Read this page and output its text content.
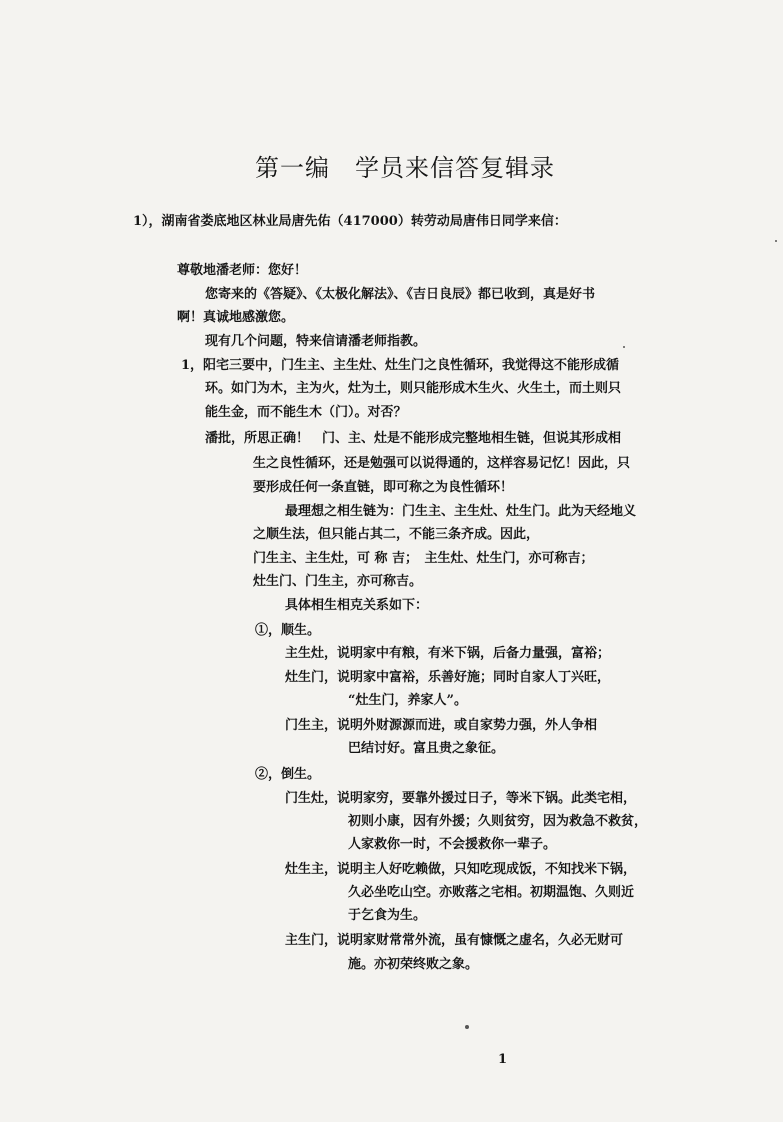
第一编　学员来信答复辑录
1），湖南省娄底地区林业局唐先佑（417000）转劳动局唐伟日同学来信：
尊敬地潘老师：您好！
您寄来的《答疑》、《太极化解法》、《吉日良辰》都已收到，真是好书
啊！真诚地感激您。
现有几个问题，特来信请潘老师指教。
1，阳宅三要中，门生主、主生灶、灶生门之良性循环，我觉得这不能形成循
环。如门为木，主为火，灶为土，则只能形成木生火、火生土，而土则只
能生金，而不能生木（门）。对否？
潘批，所思正确！　门、主、灶是不能形成完整地相生链，但说其形成相
生之良性循环，还是勉强可以说得通的，这样容易记忆！因此，只
要形成任何一条直链，即可称之为良性循环！
最理想之相生链为：门生主、主生灶、灶生门。此为天经地义
之顺生法，但只能占其二，不能三条齐成。因此，
门生主、主生灶，可 称 吉；　主生灶、灶生门，亦可称吉；
灶生门、门生主，亦可称吉。
具体相生相克关系如下：
①，顺生。
主生灶，说明家中有粮，有米下锅，后备力量强，富裕；
灶生门，说明家中富裕，乐善好施；同时自家人丁兴旺，
“灶生门，养家人”。
门生主，说明外财源源而进，或自家势力强，外人争相
巴结讨好。富且贵之象征。
②，倒生。
门生灶，说明家穷，要靠外援过日子，等米下锅。此类宅相，
初则小康，因有外援；久则贫穷，因为救急不救贫，
人家救你一时，不会援救你一辈子。
灶生主，说明主人好吃赖做，只知吃现成饭，不知找米下锅，
久必坐吃山空。亦败落之宅相。初期温饱、久则近
于乞食为生。
主生门，说明家财常常外流，虽有慷慨之虚名，久必无财可
施。亦初荣终败之象。
1
